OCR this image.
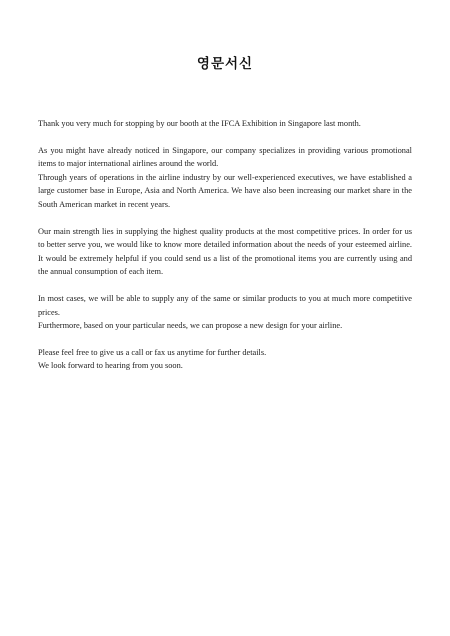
영문서신

Thank you very much for stopping by our booth at the IFCA Exhibition in Singapore last month.

As you might have already noticed in Singapore, our company specializes in providing various promotional items to major international airlines around the world.

Through years of operations in the airline industry by our well-experienced executives, we have established a large customer base in Europe, Asia and North America. We have also been increasing our market share in the South American market in recent years.

Our main strength lies in supplying the highest quality products at the most competitive prices. In order for us to better serve you, we would like to know more detailed information about the needs of your esteemed airline. It would be extremely helpful if you could send us a list of the promotional items you are currently using and the annual consumption of each item.

In most cases, we will be able to supply any of the same or similar products to you at much more competitive prices.

Furthermore, based on your particular needs, we can propose a new design for your airline.

Please feel free to give us a call or fax us anytime for further details.

We look forward to hearing from you soon.
